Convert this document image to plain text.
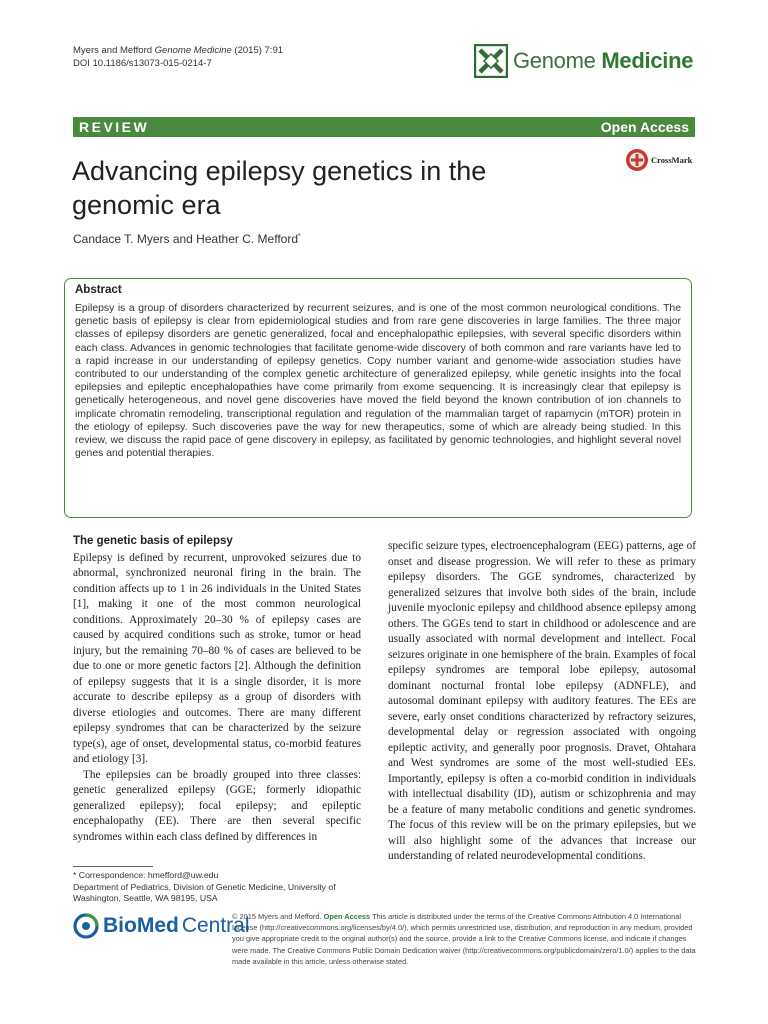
Myers and Mefford Genome Medicine (2015) 7:91
DOI 10.1186/s13073-015-0214-7	Genome Medicine
REVIEW	Open Access
Advancing epilepsy genetics in the genomic era
CrossMark
Candace T. Myers and Heather C. Mefford*
Abstract

Epilepsy is a group of disorders characterized by recurrent seizures, and is one of the most common neurological conditions. The genetic basis of epilepsy is clear from epidemiological studies and from rare gene discoveries in large families. The three major classes of epilepsy disorders are genetic generalized, focal and encephalopathic epilepsies, with several specific disorders within each class. Advances in genomic technologies that facilitate genome-wide discovery of both common and rare variants have led to a rapid increase in our understanding of epilepsy genetics. Copy number variant and genome-wide association studies have contributed to our understanding of the complex genetic architecture of generalized epilepsy, while genetic insights into the focal epilepsies and epileptic encephalopathies have come primarily from exome sequencing. It is increasingly clear that epilepsy is genetically heterogeneous, and novel gene discoveries have moved the field beyond the known contribution of ion channels to implicate chromatin remodeling, transcriptional regulation and regulation of the mammalian target of rapamycin (mTOR) protein in the etiology of epilepsy. Such discoveries pave the way for new therapeutics, some of which are already being studied. In this review, we discuss the rapid pace of gene discovery in epilepsy, as facilitated by genomic technologies, and highlight several novel genes and potential therapies.

The genetic basis of epilepsy

Epilepsy is defined by recurrent, unprovoked seizures due to abnormal, synchronized neuronal firing in the brain. The condition affects up to 1 in 26 individuals in the United States [1], making it one of the most common neurological conditions. Approximately 20–30 % of epilepsy cases are caused by acquired conditions such as stroke, tumor or head injury, but the remaining 70–80 % of cases are believed to be due to one or more genetic factors [2]. Although the definition of epilepsy suggests that it is a single disorder, it is more accurate to describe epilepsy as a group of disorders with diverse etiologies and outcomes. There are many different epilepsy syndromes that can be characterized by the seizure type(s), age of onset, developmental status, co-morbid features and etiology [3].

The epilepsies can be broadly grouped into three classes: genetic generalized epilepsy (GGE; formerly idiopathic generalized epilepsy); focal epilepsy; and epileptic encephalopathy (EE). There are then several specific syndromes within each class defined by differences in

specific seizure types, electroencephalogram (EEG) patterns, age of onset and disease progression. We will refer to these as primary epilepsy disorders. The GGE syndromes, characterized by generalized seizures that involve both sides of the brain, include juvenile myoclonic epilepsy and childhood absence epilepsy among others. The GGEs tend to start in childhood or adolescence and are usually associated with normal development and intellect. Focal seizures originate in one hemisphere of the brain. Examples of focal epilepsy syndromes are temporal lobe epilepsy, autosomal dominant nocturnal frontal lobe epilepsy (ADNFLE), and autosomal dominant epilepsy with auditory features. The EEs are severe, early onset conditions characterized by refractory seizures, developmental delay or regression associated with ongoing epileptic activity, and generally poor prognosis. Dravet, Ohtahara and West syndromes are some of the most well-studied EEs. Importantly, epilepsy is often a co-morbid condition in individuals with intellectual disability (ID), autism or schizophrenia and may be a feature of many metabolic conditions and genetic syndromes. The focus of this review will be on the primary epilepsies, but we will also highlight some of the advances that increase our understanding of related neurodevelopmental conditions.

* Correspondence: hmefford@uw.edu
Department of Pediatrics, Division of Genetic Medicine, University of Washington, Seattle, WA 98195, USA
BioMed Central
© 2015 Myers and Mefford. Open Access This article is distributed under the terms of the Creative Commons Attribution 4.0 International License (http://creativecommons.org/licenses/by/4.0/), which permits unrestricted use, distribution, and reproduction in any medium, provided you give appropriate credit to the original author(s) and the source, provide a link to the Creative Commons license, and indicate if changes were made. The Creative Commons Public Domain Dedication waiver (http://creativecommons.org/publicdomain/zero/1.0/) applies to the data made available in this article, unless otherwise stated.
